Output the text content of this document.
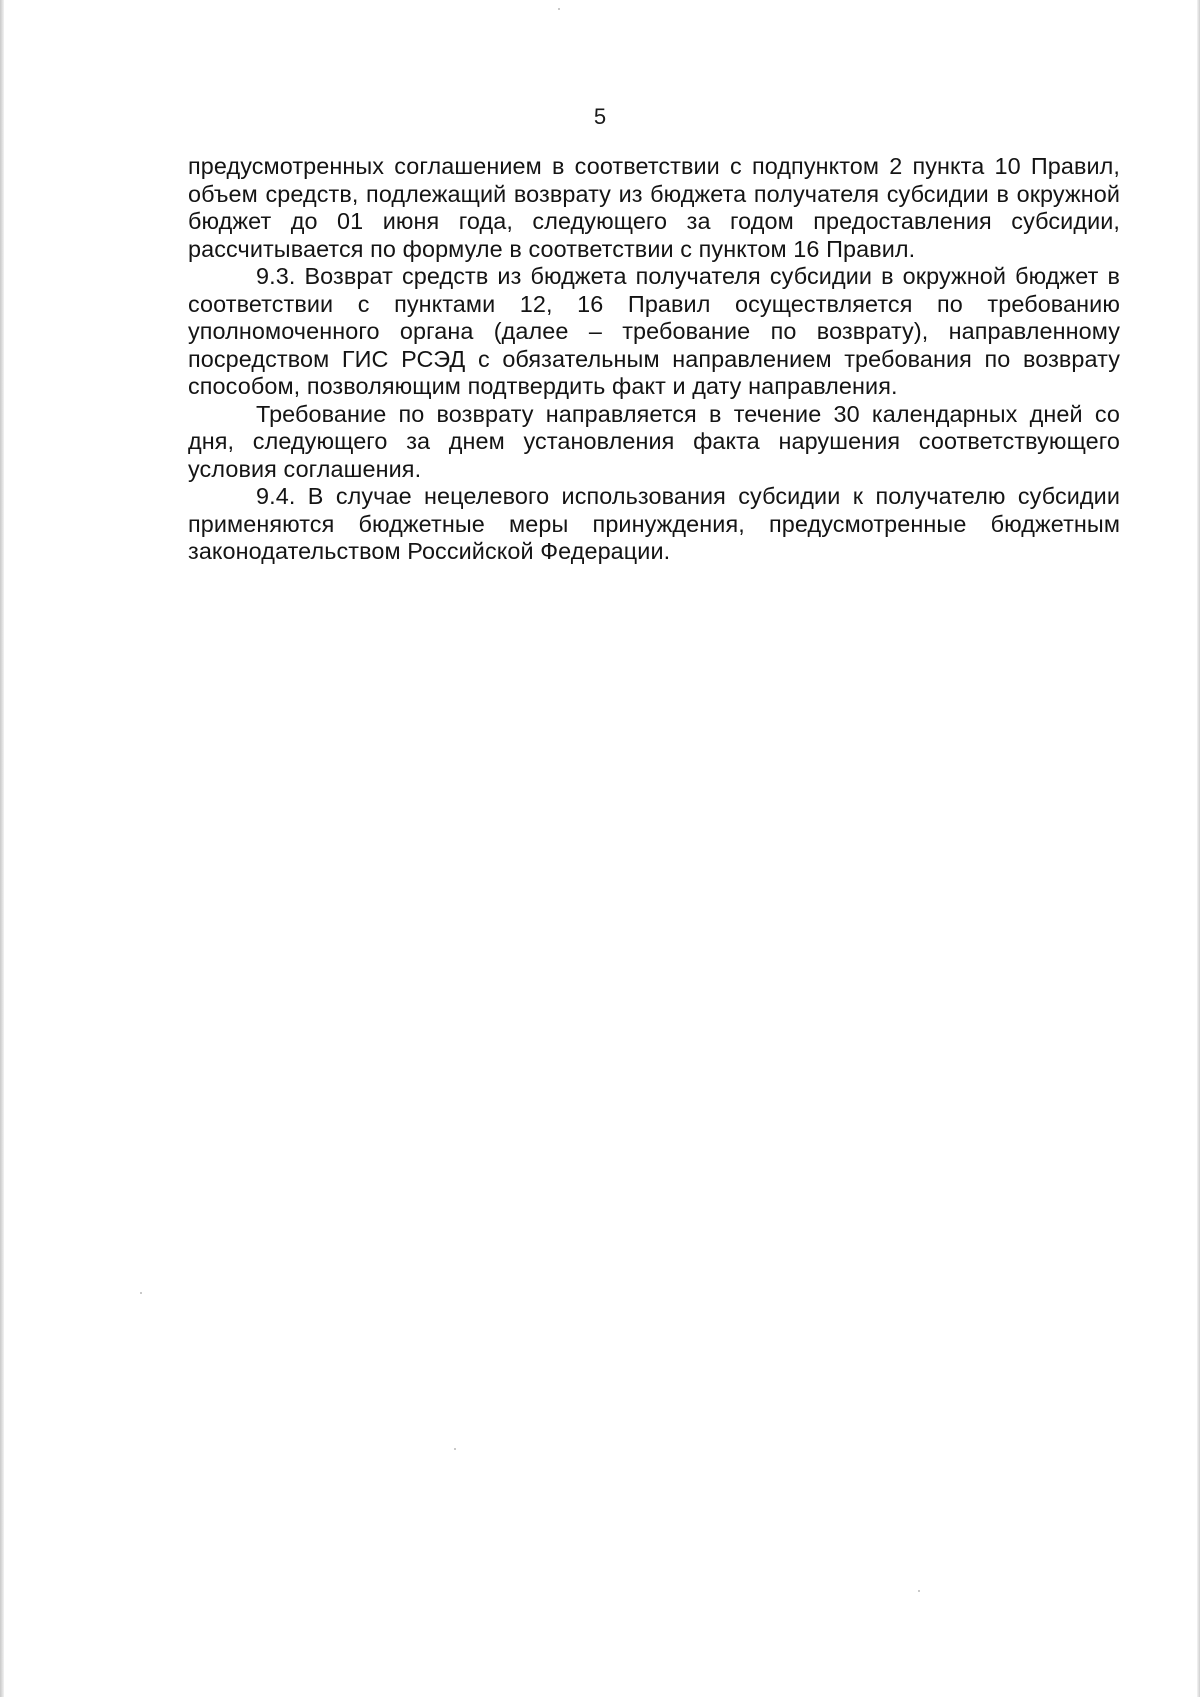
5

предусмотренных соглашением в соответствии с подпунктом 2 пункта 10 Правил, объем средств, подлежащий возврату из бюджета получателя субсидии в окружной бюджет до 01 июня года, следующего за годом предоставления субсидии, рассчитывается по формуле в соответствии с пунктом 16 Правил.

9.3. Возврат средств из бюджета получателя субсидии в окружной бюджет в соответствии с пунктами 12, 16 Правил осуществляется по требованию уполномоченного органа (далее – требование по возврату), направленному посредством ГИС РСЭД с обязательным направлением требования по возврату способом, позволяющим подтвердить факт и дату направления.

Требование по возврату направляется в течение 30 календарных дней со дня, следующего за днем установления факта нарушения соответствующего условия соглашения.

9.4. В случае нецелевого использования субсидии к получателю субсидии применяются бюджетные меры принуждения, предусмотренные бюджетным законодательством Российской Федерации.
